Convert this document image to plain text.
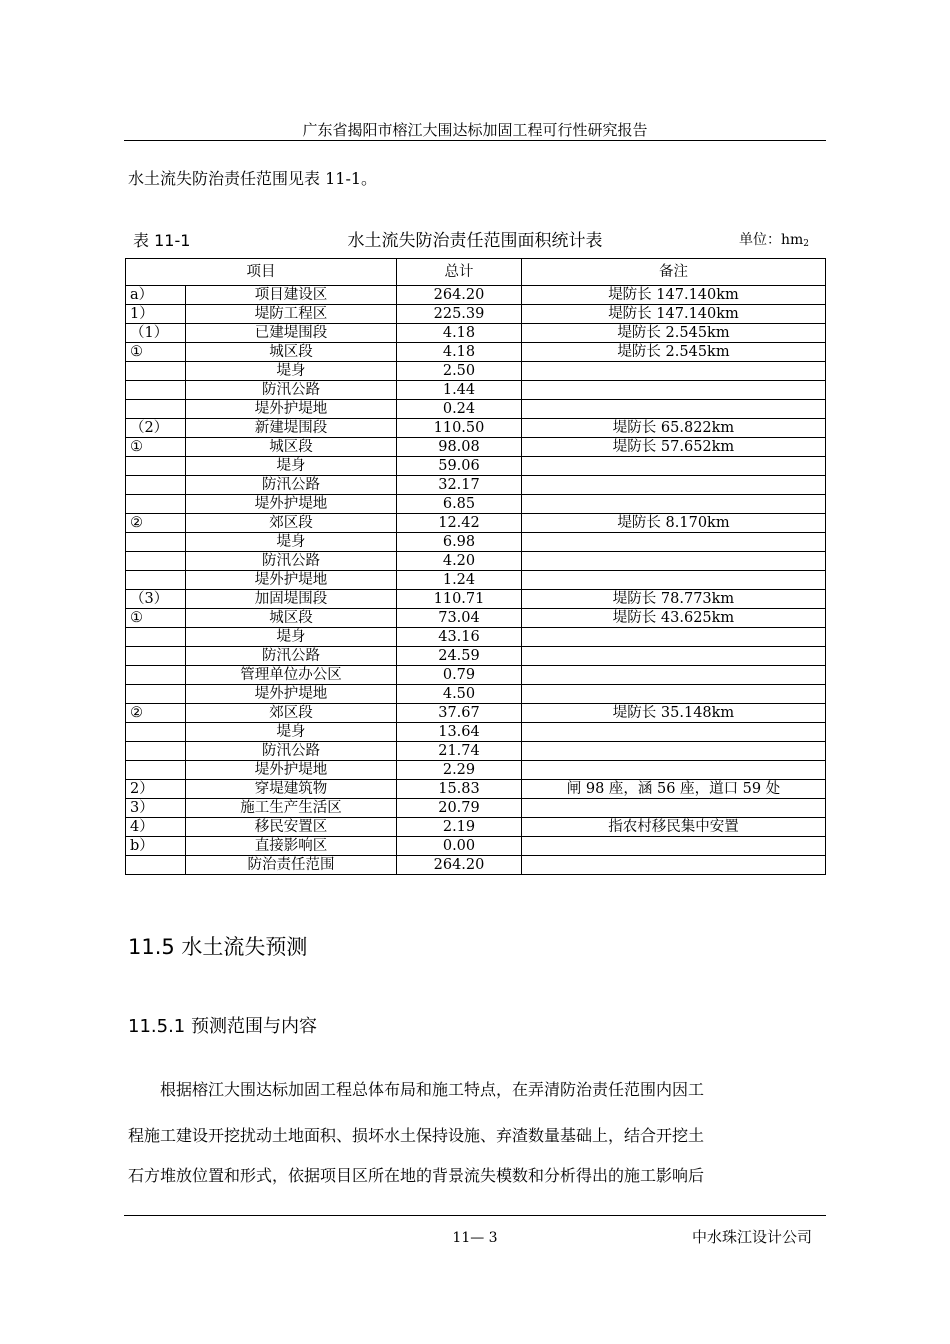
广东省揭阳市榕江大围达标加固工程可行性研究报告
水土流失防治责任范围见表 11-1。
表 11-1	水土流失防治责任范围面积统计表	单位：$hm^2$
项目		总计	备注
a）	项目建设区	264.20	堤防长 147.140km
1）	堤防工程区	225.39	堤防长 147.140km
（1）	已建堤围段	4.18	堤防长 2.545km
①	城区段	4.18	堤防长 2.545km
	堤身	2.50	
	防汛公路	1.44	
	堤外护堤地	0.24	
（2）	新建堤围段	110.50	堤防长 65.822km
①	城区段	98.08	堤防长 57.652km
	堤身	59.06	
	防汛公路	32.17	
	堤外护堤地	6.85	
②	郊区段	12.42	堤防长 8.170km
	堤身	6.98	
	防汛公路	4.20	
	堤外护堤地	1.24	
（3）	加固堤围段	110.71	堤防长 78.773km
①	城区段	73.04	堤防长 43.625km
	堤身	43.16	
	防汛公路	24.59	
	管理单位办公区	0.79	
	堤外护堤地	4.50	
②	郊区段	37.67	堤防长 35.148km
	堤身	13.64	
	防汛公路	21.74	
	堤外护堤地	2.29	
2）	穿堤建筑物	15.83	闸 98 座，涵 56 座，道口 59 处
3）	施工生产生活区	20.79	
4）	移民安置区	2.19	指农村移民集中安置
b）	直接影响区	0.00	
	防治责任范围	264.20	
11.5 水土流失预测
11.5.1 预测范围与内容
根据榕江大围达标加固工程总体布局和施工特点，在弄清防治责任范围内因工
程施工建设开挖扰动土地面积、损坏水土保持设施、弃渣数量基础上，结合开挖土
石方堆放位置和形式，依据项目区所在地的背景流失模数和分析得出的施工影响后
11— 3	中水珠江设计公司
